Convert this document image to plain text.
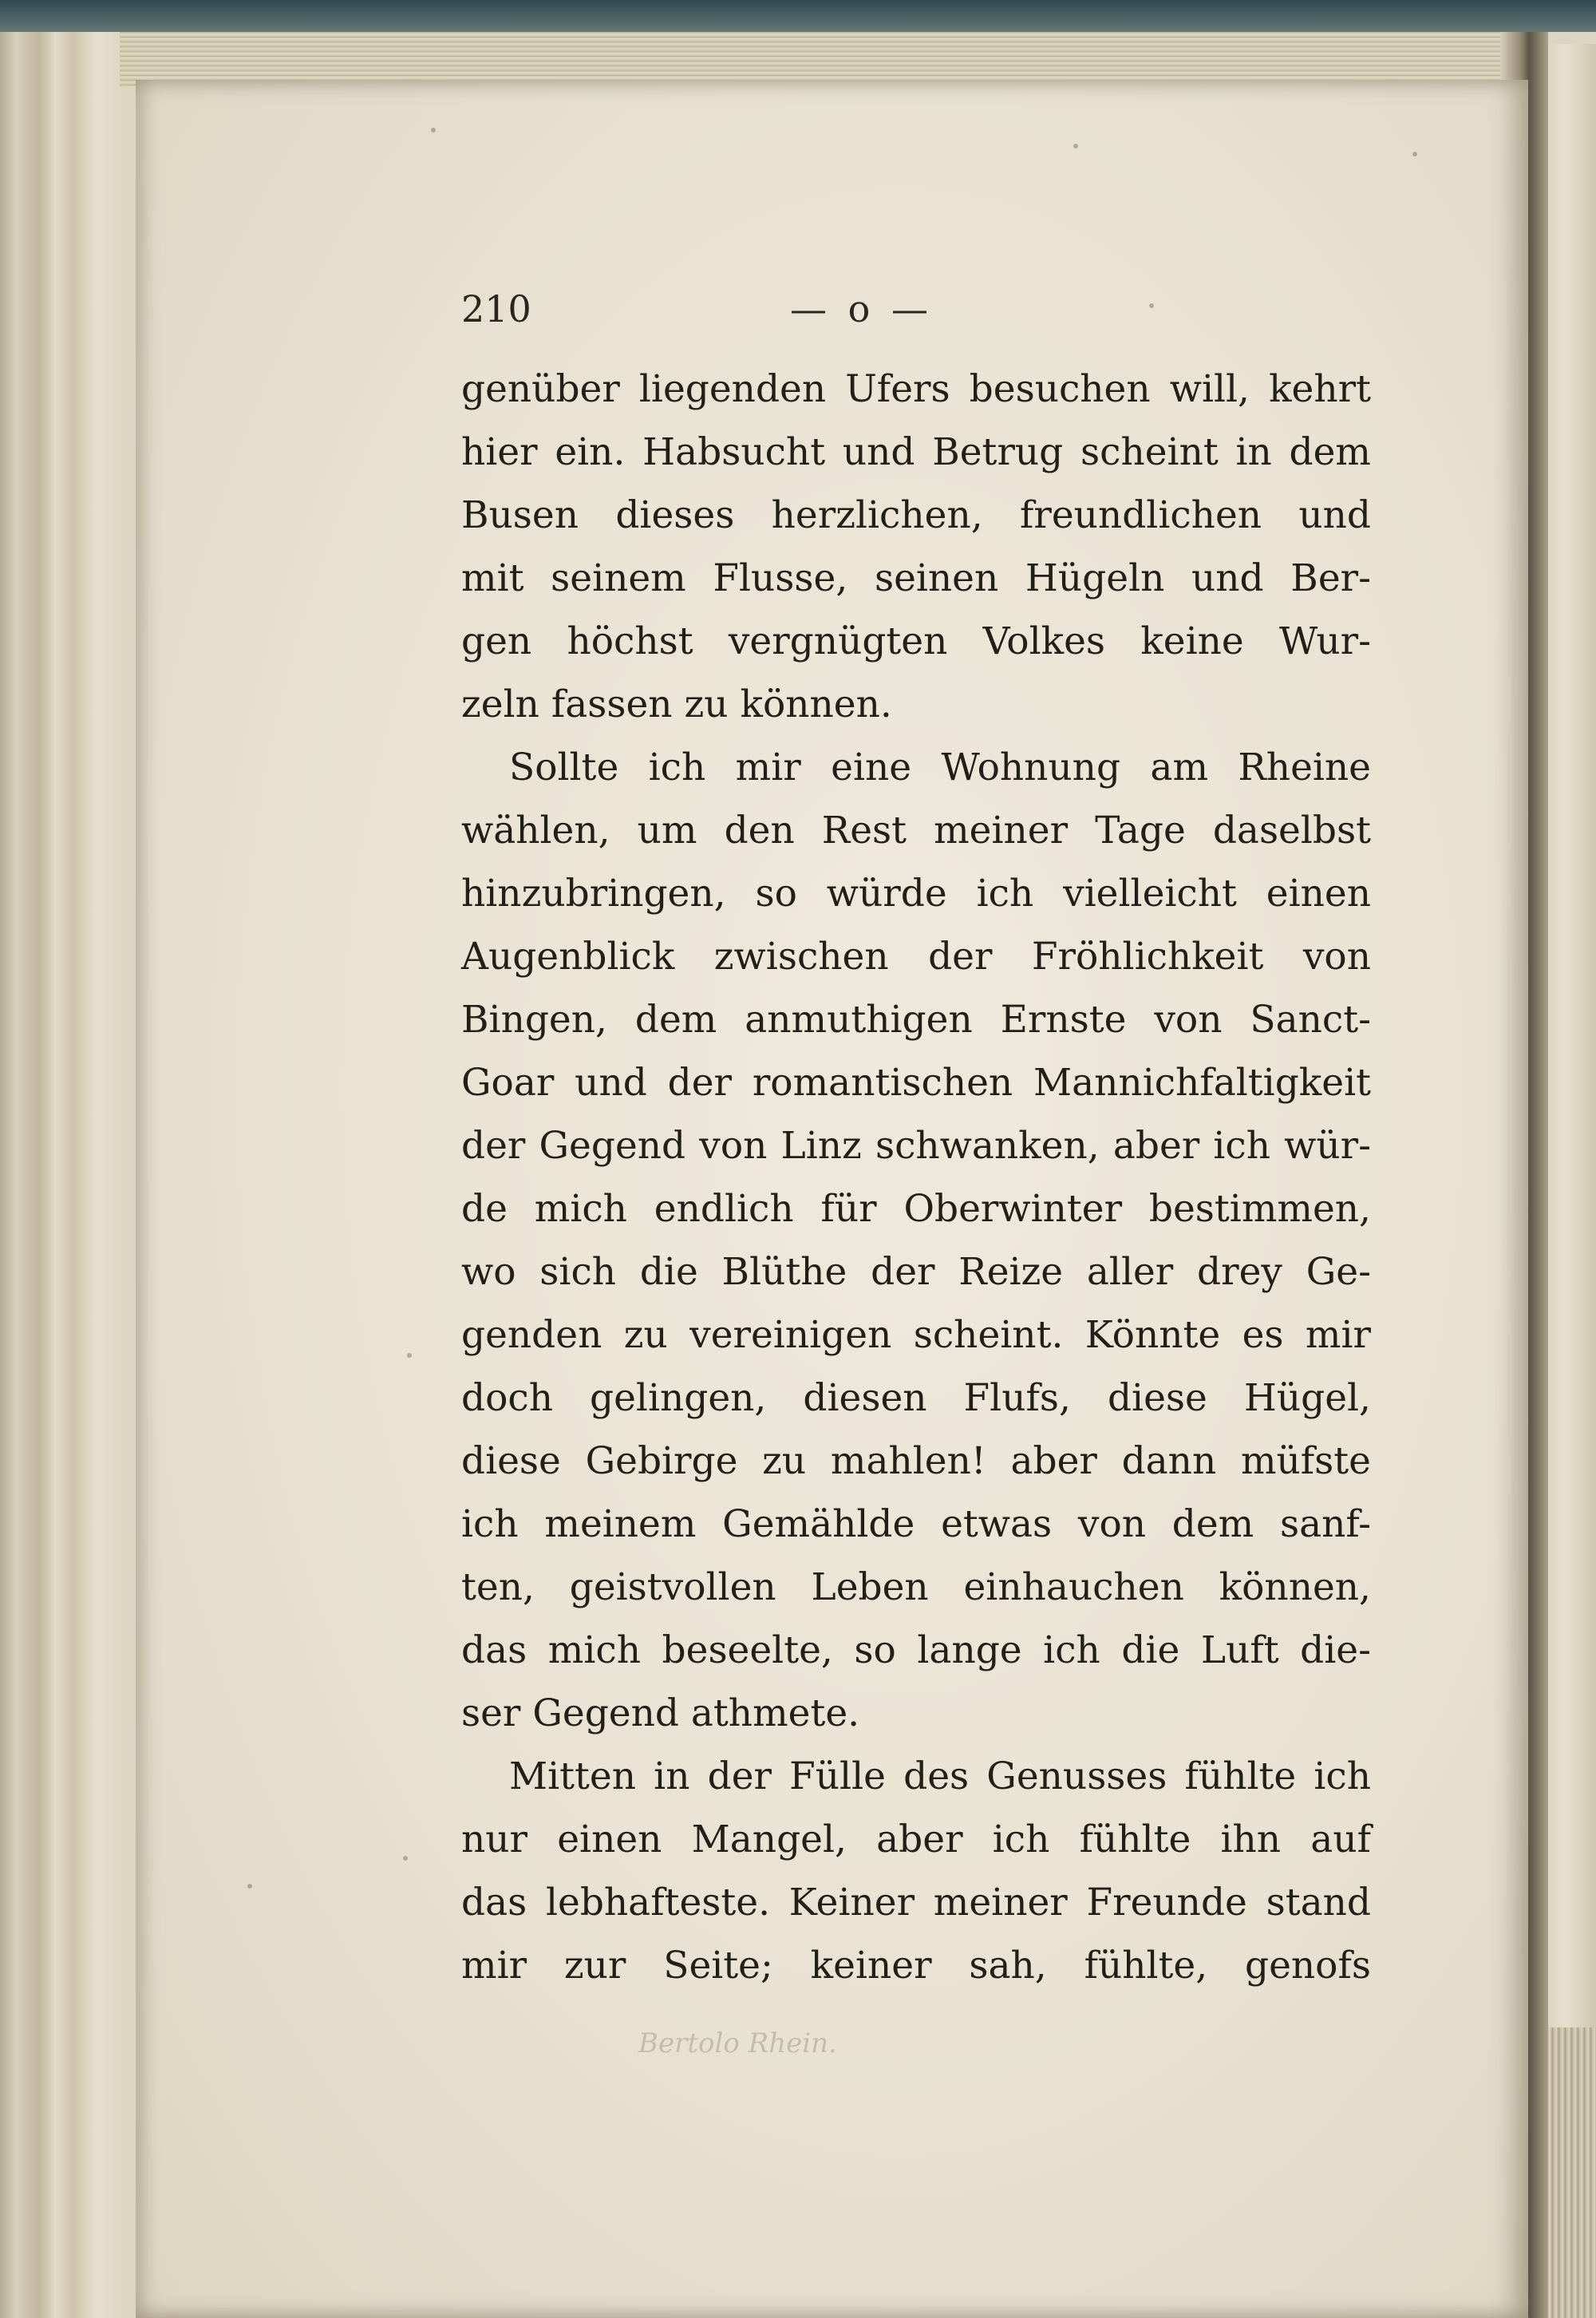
Bertolo Rhein.
210	— o —
genüber liegenden Ufers besuchen will, kehrt
hier ein. Habsucht und Betrug scheint in dem
Busen dieses herzlichen, freundlichen und
mit seinem Flusse, seinen Hügeln und Ber-
gen höchst vergnügten Volkes keine Wur-
zeln fassen zu können.
Sollte ich mir eine Wohnung am Rheine
wählen, um den Rest meiner Tage daselbst
hinzubringen, so würde ich vielleicht einen
Augenblick zwischen der Fröhlichkeit von
Bingen, dem anmuthigen Ernste von Sanct-
Goar und der romantischen Mannichfaltigkeit
der Gegend von Linz schwanken, aber ich wür-
de mich endlich für Oberwinter bestimmen,
wo sich die Blüthe der Reize aller drey Ge-
genden zu vereinigen scheint. Könnte es mir
doch gelingen, diesen Flufs, diese Hügel,
diese Gebirge zu mahlen! aber dann müfste
ich meinem Gemählde etwas von dem sanf-
ten, geistvollen Leben einhauchen können,
das mich beseelte, so lange ich die Luft die-
ser Gegend athmete.
Mitten in der Fülle des Genusses fühlte ich
nur einen Mangel, aber ich fühlte ihn auf
das lebhafteste. Keiner meiner Freunde stand
mir zur Seite; keiner sah, fühlte, genofs
